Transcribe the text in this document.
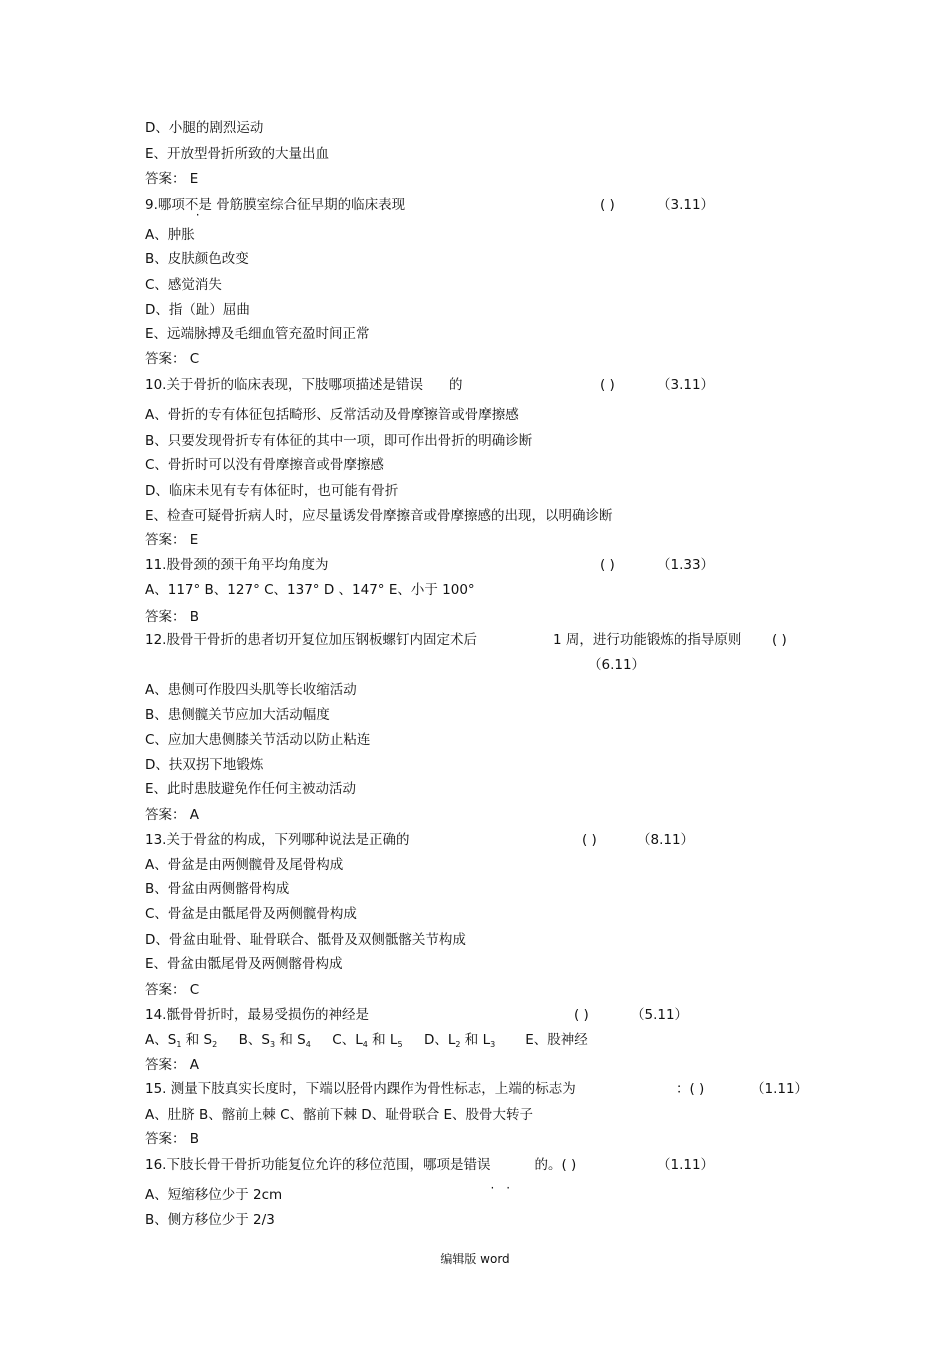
D、小腿的剧烈运动
E、开放型骨折所致的大量出血
答案： E
9.哪项不是 骨筋膜室综合征早期的临床表现	( )	（3.11）
A、肿胀
B、皮肤颜色改变
C、感觉消失
D、指（趾）屈曲
E、远端脉搏及毛细血管充盈时间正常
答案： C
10.关于骨折的临床表现，下肢哪项描述是错误 的	( )	（3.11）
A、骨折的专有体征包括畸形、反常活动及骨摩擦音或骨摩擦感
B、只要发现骨折专有体征的其中一项，即可作出骨折的明确诊断
C、骨折时可以没有骨摩擦音或骨摩擦感
D、临床未见有专有体征时，也可能有骨折
E、检查可疑骨折病人时，应尽量诱发骨摩擦音或骨摩擦感的出现，以明确诊断
答案： E
11.股骨颈的颈干角平均角度为	( )	（1.33）
A、117° B、127° C、137° D 、147° E、小于 100°
答案： B
12.股骨干骨折的患者切开复位加压钢板螺钉内固定术后	1 周，进行功能锻炼的指导原则 ( )
（6.11）
A、患侧可作股四头肌等长收缩活动
B、患侧髋关节应加大活动幅度
C、应加大患侧膝关节活动以防止粘连
D、扶双拐下地锻炼
E、此时患肢避免作任何主被动活动
答案： A
13.关于骨盆的构成，下列哪种说法是正确的	( )	（8.11）
A、骨盆是由两侧髋骨及尾骨构成
B、骨盆由两侧髂骨构成
C、骨盆是由骶尾骨及两侧髋骨构成
D、骨盆由耻骨、耻骨联合、骶骨及双侧骶髂关节构成
E、骨盆由骶尾骨及两侧髂骨构成
答案： C
14.骶骨骨折时，最易受损伤的神经是	( )	（5.11）
A、$S_1$ 和 $S_2$ B、$S_3$ 和 $S_4$ C、$L_4$ 和 $L_5$ D、$L_2$ 和 $L_3$ E、股神经
答案： A
15. 测量下肢真实长度时，下端以胫骨内踝作为骨性标志，上端的标志为	：( )	（1.11）
A、肚脐 B、髂前上棘 C、髂前下棘 D、耻骨联合 E、股骨大转子
答案： B
16.下肢长骨干骨折功能复位允许的移位范围，哪项是错误	的。( )	（1.11）
A、短缩移位少于 2cm
B、侧方移位少于 2/3
编辑版 word
